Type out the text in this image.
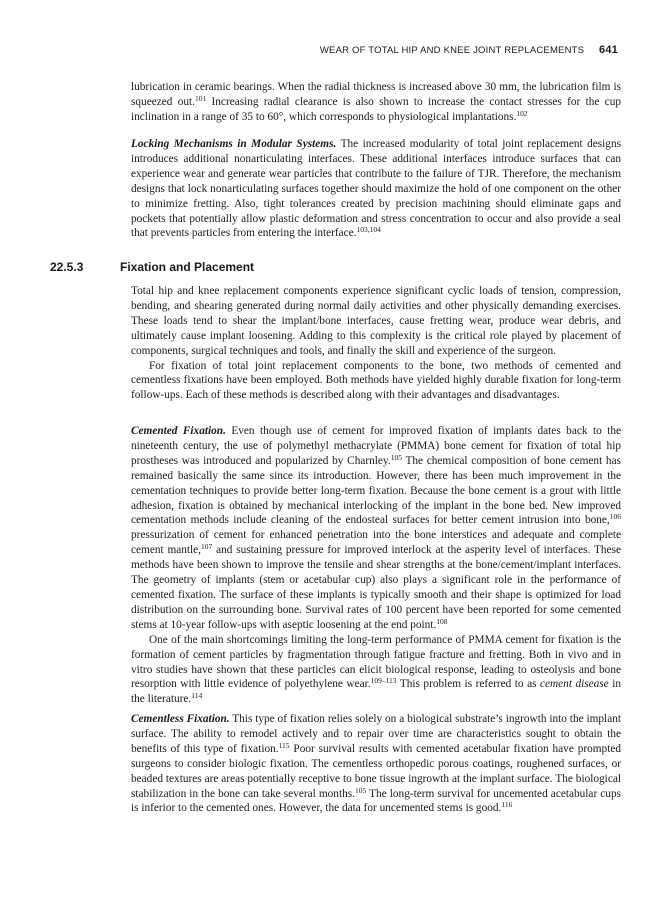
WEAR OF TOTAL HIP AND KNEE JOINT REPLACEMENTS 641

lubrication in ceramic bearings. When the radial thickness is increased above 30 mm, the lubrication film is squeezed out.$^{101}$ Increasing radial clearance is also shown to increase the contact stresses for the cup inclination in a range of 35 to 60°, which corresponds to physiological implantations.$^{102}$

Locking Mechanisms in Modular Systems. The increased modularity of total joint replacement designs introduces additional nonarticulating interfaces. These additional interfaces introduce surfaces that can experience wear and generate wear particles that contribute to the failure of TJR. Therefore, the mechanism designs that lock nonarticulating surfaces together should maximize the hold of one component on the other to minimize fretting. Also, tight tolerances created by precision machining should eliminate gaps and pockets that potentially allow plastic deformation and stress concentration to occur and also provide a seal that prevents particles from entering the interface.$^{103,104}$

22.5.3	Fixation and Placement

Total hip and knee replacement components experience significant cyclic loads of tension, compression, bending, and shearing generated during normal daily activities and other physically demanding exercises. These loads tend to shear the implant/bone interfaces, cause fretting wear, produce wear debris, and ultimately cause implant loosening. Adding to this complexity is the critical role played by placement of components, surgical techniques and tools, and finally the skill and experience of the surgeon.

For fixation of total joint replacement components to the bone, two methods of cemented and cementless fixations have been employed. Both methods have yielded highly durable fixation for long-term follow-ups. Each of these methods is described along with their advantages and disadvantages.

Cemented Fixation. Even though use of cement for improved fixation of implants dates back to the nineteenth century, the use of polymethyl methacrylate (PMMA) bone cement for fixation of total hip prostheses was introduced and popularized by Charnley.$^{105}$ The chemical composition of bone cement has remained basically the same since its introduction. However, there has been much improvement in the cementation techniques to provide better long-term fixation. Because the bone cement is a grout with little adhesion, fixation is obtained by mechanical interlocking of the implant in the bone bed. New improved cementation methods include cleaning of the endosteal surfaces for better cement intrusion into bone,$^{106}$ pressurization of cement for enhanced penetration into the bone interstices and adequate and complete cement mantle,$^{107}$ and sustaining pressure for improved interlock at the asperity level of interfaces. These methods have been shown to improve the tensile and shear strengths at the bone/cement/implant interfaces. The geometry of implants (stem or acetabular cup) also plays a significant role in the performance of cemented fixation. The surface of these implants is typically smooth and their shape is optimized for load distribution on the surrounding bone. Survival rates of 100 percent have been reported for some cemented stems at 10-year follow-ups with aseptic loosening at the end point.$^{108}$

One of the main shortcomings limiting the long-term performance of PMMA cement for fixation is the formation of cement particles by fragmentation through fatigue fracture and fretting. Both in vivo and in vitro studies have shown that these particles can elicit biological response, leading to osteolysis and bone resorption with little evidence of polyethylene wear.$^{109-113}$ This problem is referred to as cement disease in the literature.$^{114}$

Cementless Fixation. This type of fixation relies solely on a biological substrate’s ingrowth into the implant surface. The ability to remodel actively and to repair over time are characteristics sought to obtain the benefits of this type of fixation.$^{115}$ Poor survival results with cemented acetabular fixation have prompted surgeons to consider biologic fixation. The cementless orthopedic porous coatings, roughened surfaces, or beaded textures are areas potentially receptive to bone tissue ingrowth at the implant surface. The biological stabilization in the bone can take several months.$^{105}$ The long-term survival for uncemented acetabular cups is inferior to the cemented ones. However, the data for uncemented stems is good.$^{116}$
